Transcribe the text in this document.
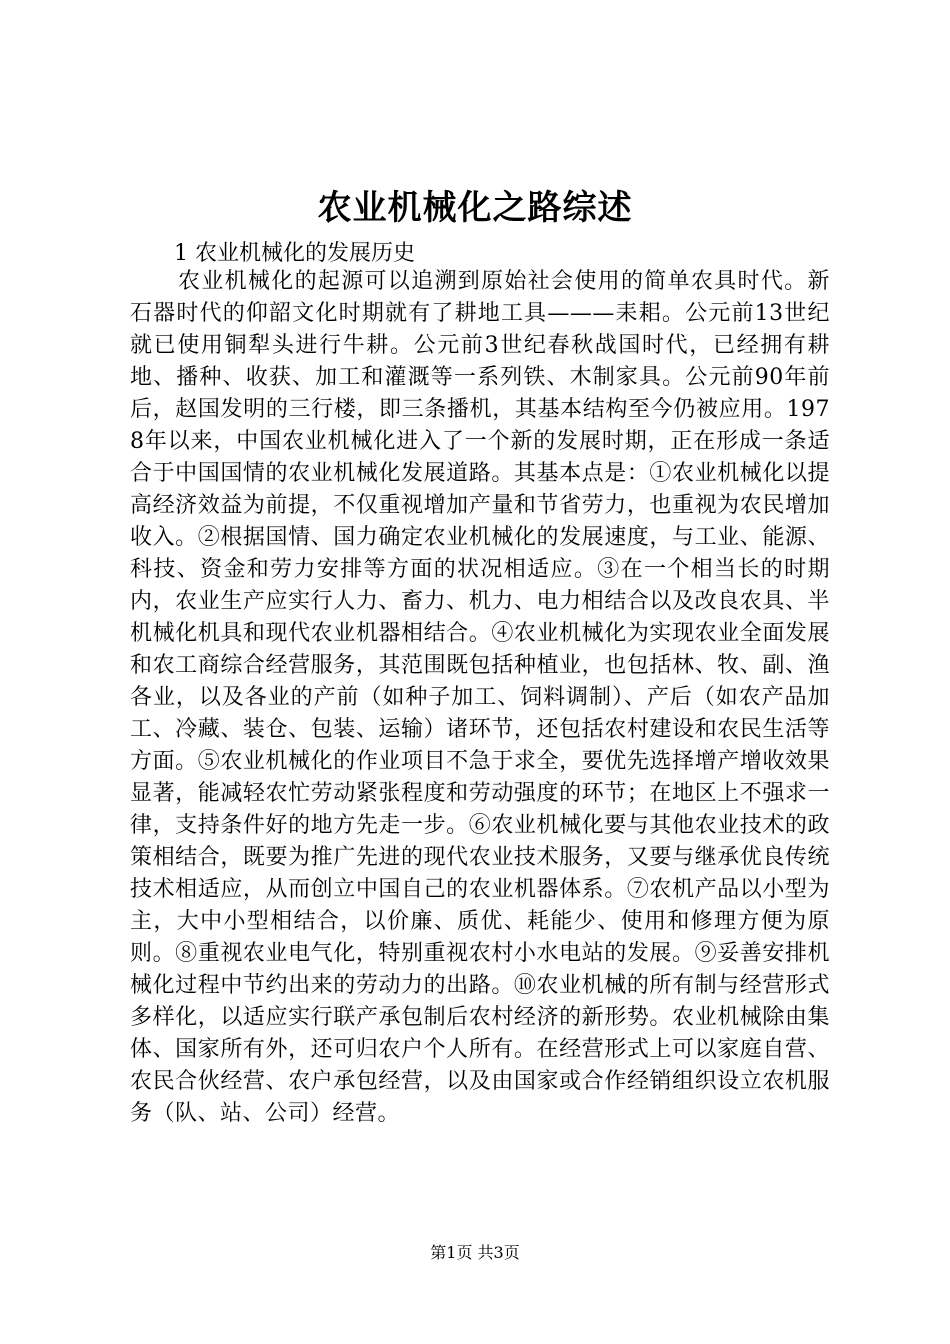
农业机械化之路综述

1 农业机械化的发展历史

农业机械化的起源可以追溯到原始社会使用的简单农具时代。新石器时代的仰韶文化时期就有了耕地工具———耒耜。公元前13世纪就已使用铜犁头进行牛耕。公元前3世纪春秋战国时代，已经拥有耕地、播种、收获、加工和灌溉等一系列铁、木制家具。公元前90年前后，赵国发明的三行楼，即三条播机，其基本结构至今仍被应用。1978年以来，中国农业机械化进入了一个新的发展时期，正在形成一条适合于中国国情的农业机械化发展道路。其基本点是：①农业机械化以提高经济效益为前提，不仅重视增加产量和节省劳力，也重视为农民增加收入。②根据国情、国力确定农业机械化的发展速度，与工业、能源、科技、资金和劳力安排等方面的状况相适应。③在一个相当长的时期内，农业生产应实行人力、畜力、机力、电力相结合以及改良农具、半机械化机具和现代农业机器相结合。④农业机械化为实现农业全面发展和农工商综合经营服务，其范围既包括种植业，也包括林、牧、副、渔各业，以及各业的产前（如种子加工、饲料调制）、产后（如农产品加工、冷藏、装仓、包装、运输）诸环节，还包括农村建设和农民生活等方面。⑤农业机械化的作业项目不急于求全，要优先选择增产增收效果显著，能减轻农忙劳动紧张程度和劳动强度的环节；在地区上不强求一律，支持条件好的地方先走一步。⑥农业机械化要与其他农业技术的政策相结合，既要为推广先进的现代农业技术服务，又要与继承优良传统技术相适应，从而创立中国自己的农业机器体系。⑦农机产品以小型为主，大中小型相结合，以价廉、质优、耗能少、使用和修理方便为原则。⑧重视农业电气化，特别重视农村小水电站的发展。⑨妥善安排机械化过程中节约出来的劳动力的出路。⑩农业机械的所有制与经营形式多样化，以适应实行联产承包制后农村经济的新形势。农业机械除由集体、国家所有外，还可归农户个人所有。在经营形式上可以家庭自营、农民合伙经营、农户承包经营，以及由国家或合作经销组织设立农机服务（队、站、公司）经营。

第1页 共3页
